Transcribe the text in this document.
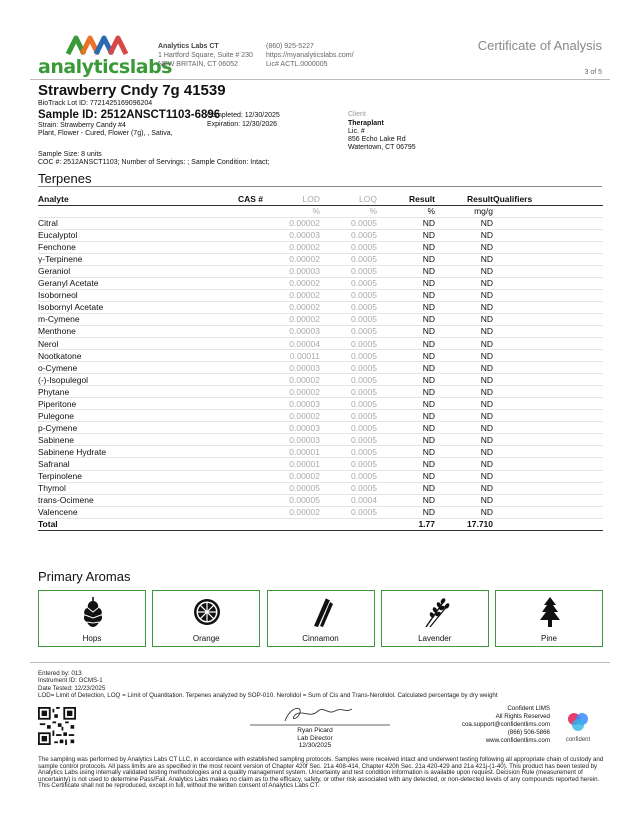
analyticslabs
Analytics Labs CT
1 Hartford Square, Suite # 230
NEW BRITAIN, CT 06052
(860) 925-5227
https://myanalyticslabs.com/
Lic# ACTL.0000005
Certificate of Analysis
3 of 5
Strawberry Cndy 7g 41539
BioTrack Lot ID: 7721425169096204
Sample ID: 2512ANSCT1103-6896
Strain: Strawberry Candy #4
Plant, Flower - Cured, Flower (7g), , Sativa,
Completed: 12/30/2025
Expiration: 12/30/2026
Client
Theraplant
Lic. #
856 Echo Lake Rd
Watertown, CT 06795
Sample Size: 8 units
COC #: 2512ANSCT1103; Number of Servings: ; Sample Condition: Intact;
Terpenes
Analyte	CAS #	LOD	LOQ	Result	Result	Qualifiers
		%	%	%	mg/g	
Citral		0.00002	0.0005	ND	ND	
Eucalyptol		0.00003	0.0005	ND	ND	
Fenchone		0.00002	0.0005	ND	ND	
γ-Terpinene		0.00002	0.0005	ND	ND	
Geraniol		0.00003	0.0005	ND	ND	
Geranyl Acetate		0.00002	0.0005	ND	ND	
Isoborneol		0.00002	0.0005	ND	ND	
Isobornyl Acetate		0.00002	0.0005	ND	ND	
m-Cymene		0.00002	0.0005	ND	ND	
Menthone		0.00003	0.0005	ND	ND	
Nerol		0.00004	0.0005	ND	ND	
Nootkatone		0.00011	0.0005	ND	ND	
o-Cymene		0.00003	0.0005	ND	ND	
(-)-Isopulegol		0.00002	0.0005	ND	ND	
Phytane		0.00002	0.0005	ND	ND	
Piperitone		0.00003	0.0005	ND	ND	
Pulegone		0.00002	0.0005	ND	ND	
p-Cymene		0.00003	0.0005	ND	ND	
Sabinene		0.00003	0.0005	ND	ND	
Sabinene Hydrate		0.00001	0.0005	ND	ND	
Safranal		0.00001	0.0005	ND	ND	
Terpinolene		0.00002	0.0005	ND	ND	
Thymol		0.00005	0.0005	ND	ND	
trans-Ocimene		0.00005	0.0004	ND	ND	
Valencene		0.00002	0.0005	ND	ND	
Total				1.77	17.710	
Primary Aromas
Hops	Orange	Cinnamon	Lavender	Pine
Entered by: 013
Instrument ID: GCMS-1
Date Tested: 12/23/2025
LOD= Limit of Detection, LOQ = Limit of Quantitation. Terpenes analyzed by SOP-010. Nerolidol = Sum of Cis and Trans-Nerolidol. Calculated percentage by dry weight
Ryan Picard
Lab Director
12/30/2025
Confident LIMS
All Rights Reserved
coa.support@confidentlims.com
(866) 506-5866
www.confidentlims.com	confident
The sampling was performed by Analytics Labs CT LLC, in accordance with established sampling protocols. Samples were received intact and underwent testing following all appropriate chain of custody and sample control protocols. All pass limits are as specified in the most recent version of Chapter 420f Sec. 21a 408-414, Chapter 420h Sec. 21a 420-429 and 21a 421j-(1-40). This product has been tested by Analytics Labs using internally validated testing methodologies and a quality management system. Uncertainty and test condition information is available upon request. Decision Rule (measurement of uncertainty) is not used to determine Pass/Fail. Analytics Labs makes no claim as to the efficacy, safety, or other risk associated with any detected, or non-detected levels of any compounds reported herein. This Certificate shall not be reproduced, except in full, without the written consent of Analytics Labs CT.
